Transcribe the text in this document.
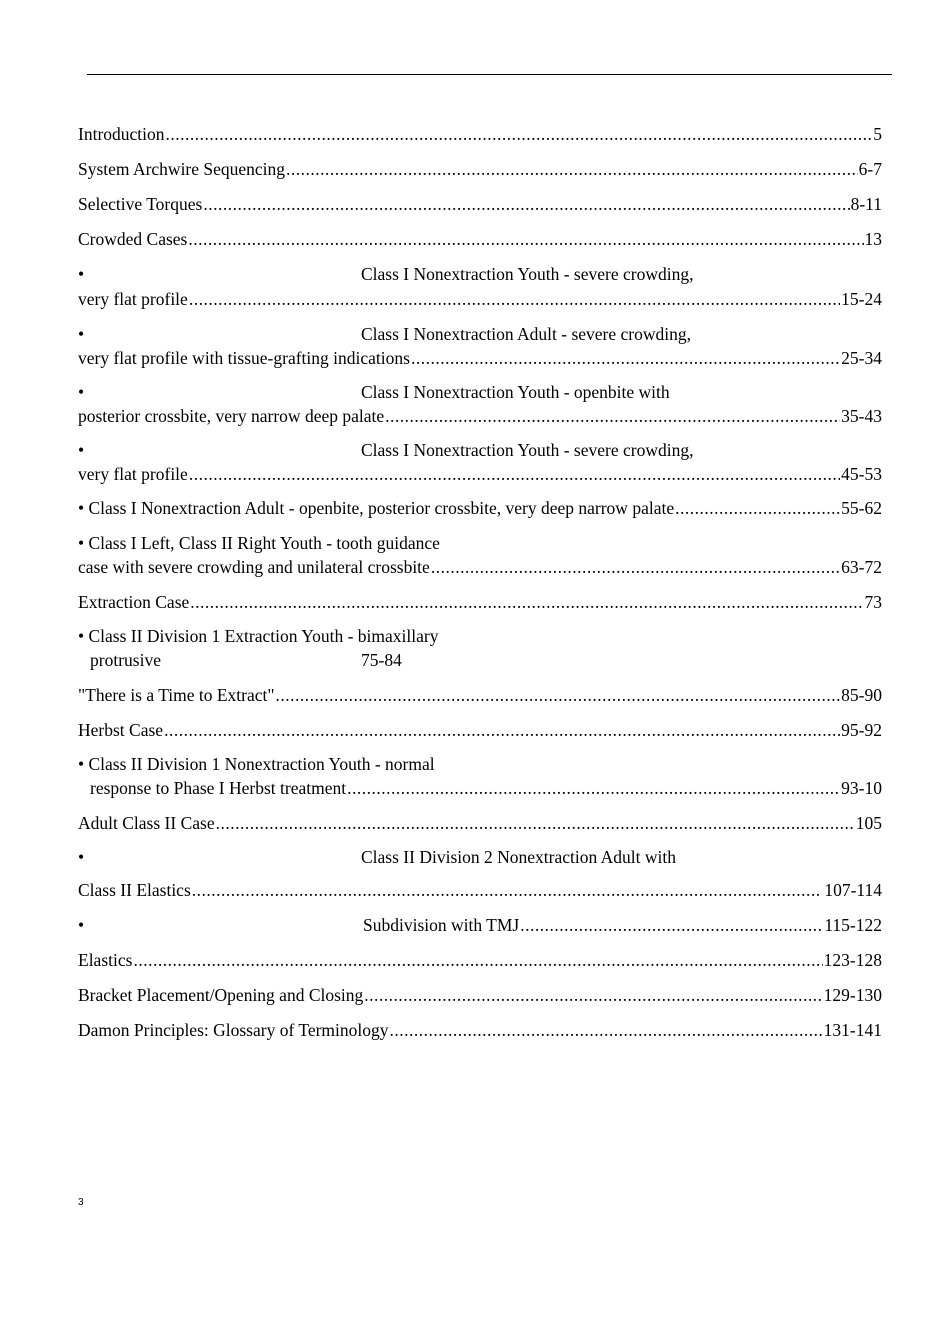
Introduction .....	5
System Archwire Sequencing .....	6-7
Selective Torques .....	8-11
Crowded Cases .....	13
•	Class I Nonextraction Youth - severe crowding,
very flat profile .....	15-24
•	Class I Nonextraction Adult - severe crowding,
very flat profile with tissue-grafting indications .....	25-34
•	Class I Nonextraction Youth - openbite with
posterior crossbite, very narrow deep palate .....	35-43
•	Class I Nonextraction Youth - severe crowding,
very flat profile .....	45-53
• Class I Nonextraction Adult - openbite, posterior crossbite, very deep narrow palate .....	55-62
• Class I Left, Class II Right Youth - tooth guidance
case with severe crowding and unilateral crossbite .....	63-72
Extraction Case .....	73
• Class II Division 1 Extraction Youth - bimaxillary
protrusive	75-84
"There is a Time to Extract" .....	85-90
Herbst Case .....	95-92
• Class II Division 1 Nonextraction Youth - normal
response to Phase I Herbst treatment .....	93-10
Adult Class II Case .....	105
•	Class II Division 2 Nonextraction Adult with
Class II Elastics .....	107-114
•	Subdivision with TMJ .....	115-122
Elastics .....	123-128
Bracket Placement/Opening and Closing .....	129-130
Damon Principles: Glossary of Terminology .....	131-141
3
